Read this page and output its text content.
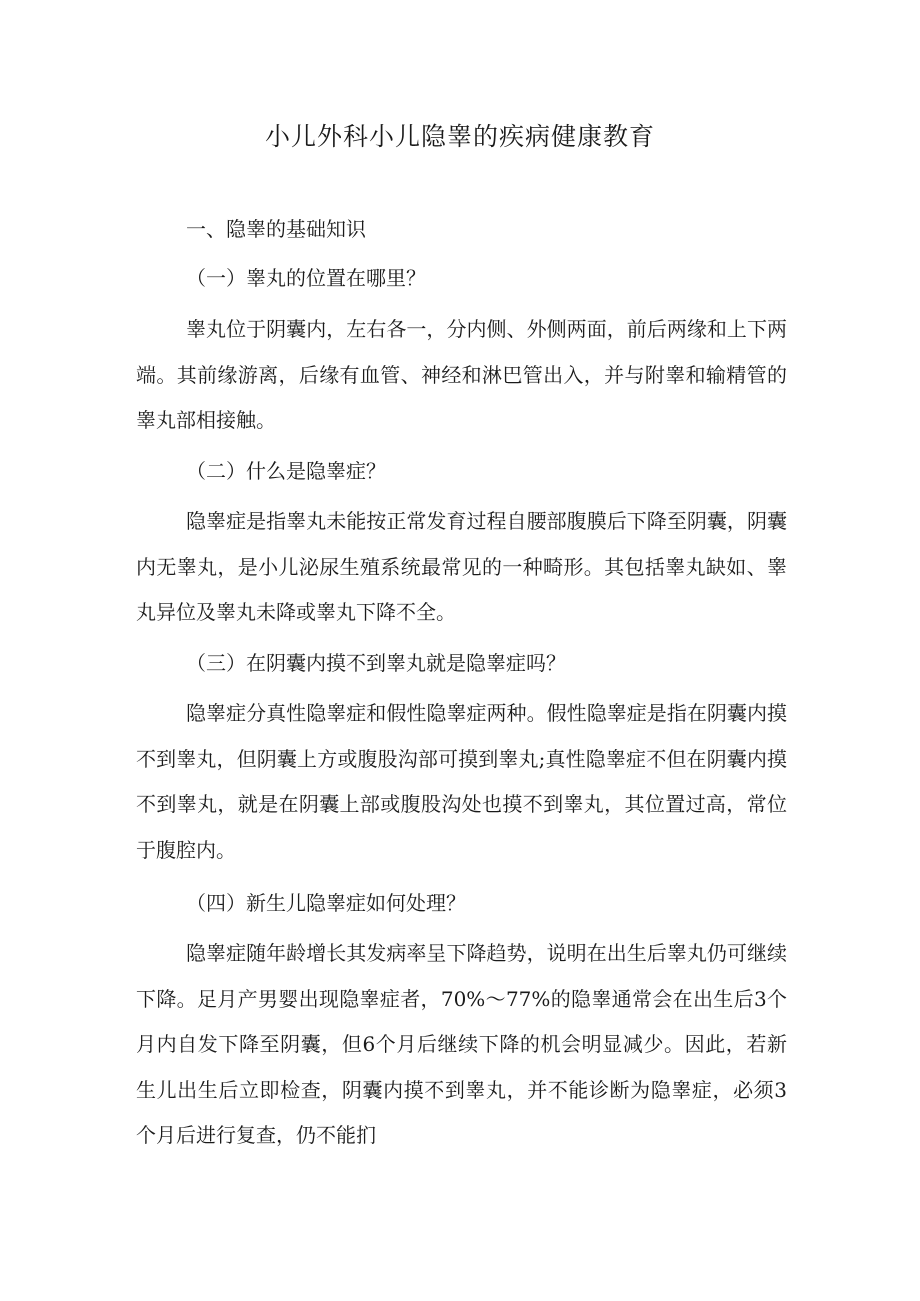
小儿外科小儿隐睾的疾病健康教育
一、隐睾的基础知识
（一）睾丸的位置在哪里？

睾丸位于阴囊内，左右各一，分内侧、外侧两面，前后两缘和上下两端。其前缘游离，后缘有血管、神经和淋巴管出入，并与附睾和输精管的睾丸部相接触。

（二）什么是隐睾症？

隐睾症是指睾丸未能按正常发育过程自腰部腹膜后下降至阴囊，阴囊内无睾丸，是小儿泌尿生殖系统最常见的一种畸形。其包括睾丸缺如、睾丸异位及睾丸未降或睾丸下降不全。

（三）在阴囊内摸不到睾丸就是隐睾症吗？

隐睾症分真性隐睾症和假性隐睾症两种。假性隐睾症是指在阴囊内摸不到睾丸，但阴囊上方或腹股沟部可摸到睾丸;真性隐睾症不但在阴囊内摸不到睾丸，就是在阴囊上部或腹股沟处也摸不到睾丸，其位置过高，常位于腹腔内。

（四）新生儿隐睾症如何处理？

隐睾症随年龄增长其发病率呈下降趋势，说明在出生后睾丸仍可继续下降。足月产男婴出现隐睾症者，70%～77%的隐睾通常会在出生后3个月内自发下降至阴囊，但6个月后继续下降的机会明显减少。因此，若新生儿出生后立即检查，阴囊内摸不到睾丸，并不能诊断为隐睾症，必须3个月后进行复查，仍不能扪
